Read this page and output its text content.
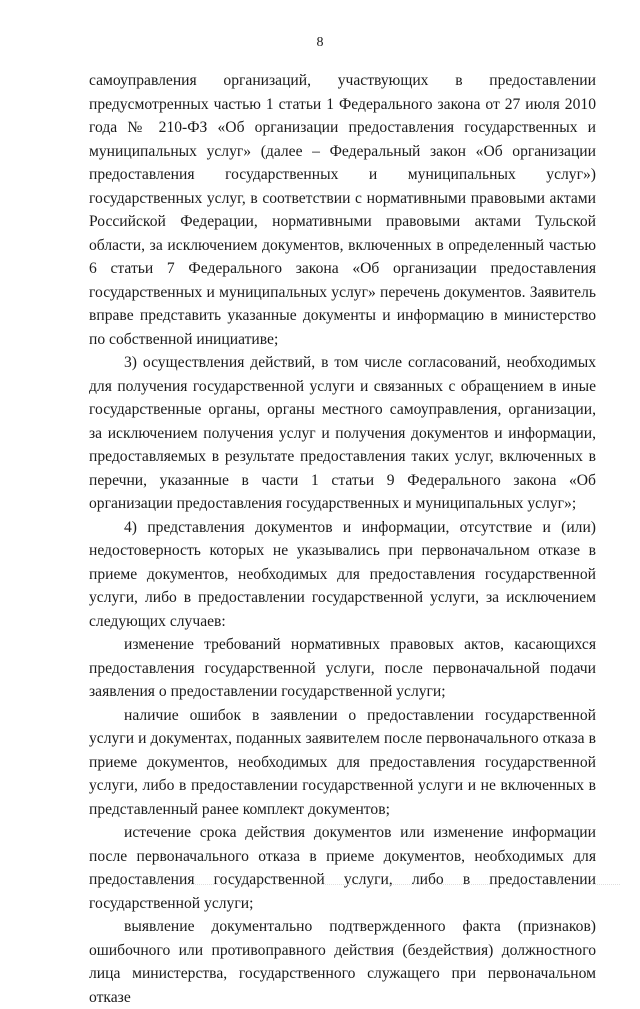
8

самоуправления организаций, участвующих в предоставлении предусмотренных частью 1 статьи 1 Федерального закона от 27 июля 2010 года № 210-ФЗ «Об организации предоставления государственных и муниципальных услуг» (далее – Федеральный закон «Об организации предоставления государственных и муниципальных услуг») государственных услуг, в соответствии с нормативными правовыми актами Российской Федерации, нормативными правовыми актами Тульской области, за исключением документов, включенных в определенный частью 6 статьи 7 Федерального закона «Об организации предоставления государственных и муниципальных услуг» перечень документов. Заявитель вправе представить указанные документы и информацию в министерство по собственной инициативе;

3) осуществления действий, в том числе согласований, необходимых для получения государственной услуги и связанных с обращением в иные государственные органы, органы местного самоуправления, организации, за исключением получения услуг и получения документов и информации, предоставляемых в результате предоставления таких услуг, включенных в перечни, указанные в части 1 статьи 9 Федерального закона «Об организации предоставления государственных и муниципальных услуг»;

4) представления документов и информации, отсутствие и (или) недостоверность которых не указывались при первоначальном отказе в приеме документов, необходимых для предоставления государственной услуги, либо в предоставлении государственной услуги, за исключением следующих случаев:

изменение требований нормативных правовых актов, касающихся предоставления государственной услуги, после первоначальной подачи заявления о предоставлении государственной услуги;

наличие ошибок в заявлении о предоставлении государственной услуги и документах, поданных заявителем после первоначального отказа в приеме документов, необходимых для предоставления государственной услуги, либо в предоставлении государственной услуги и не включенных в представленный ранее комплект документов;

истечение срока действия документов или изменение информации после первоначального отказа в приеме документов, необходимых для предоставления государственной услуги, либо в предоставлении государственной услуги;

выявление документально подтвержденного факта (признаков) ошибочного или противоправного действия (бездействия) должностного лица министерства, государственного служащего при первоначальном отказе
